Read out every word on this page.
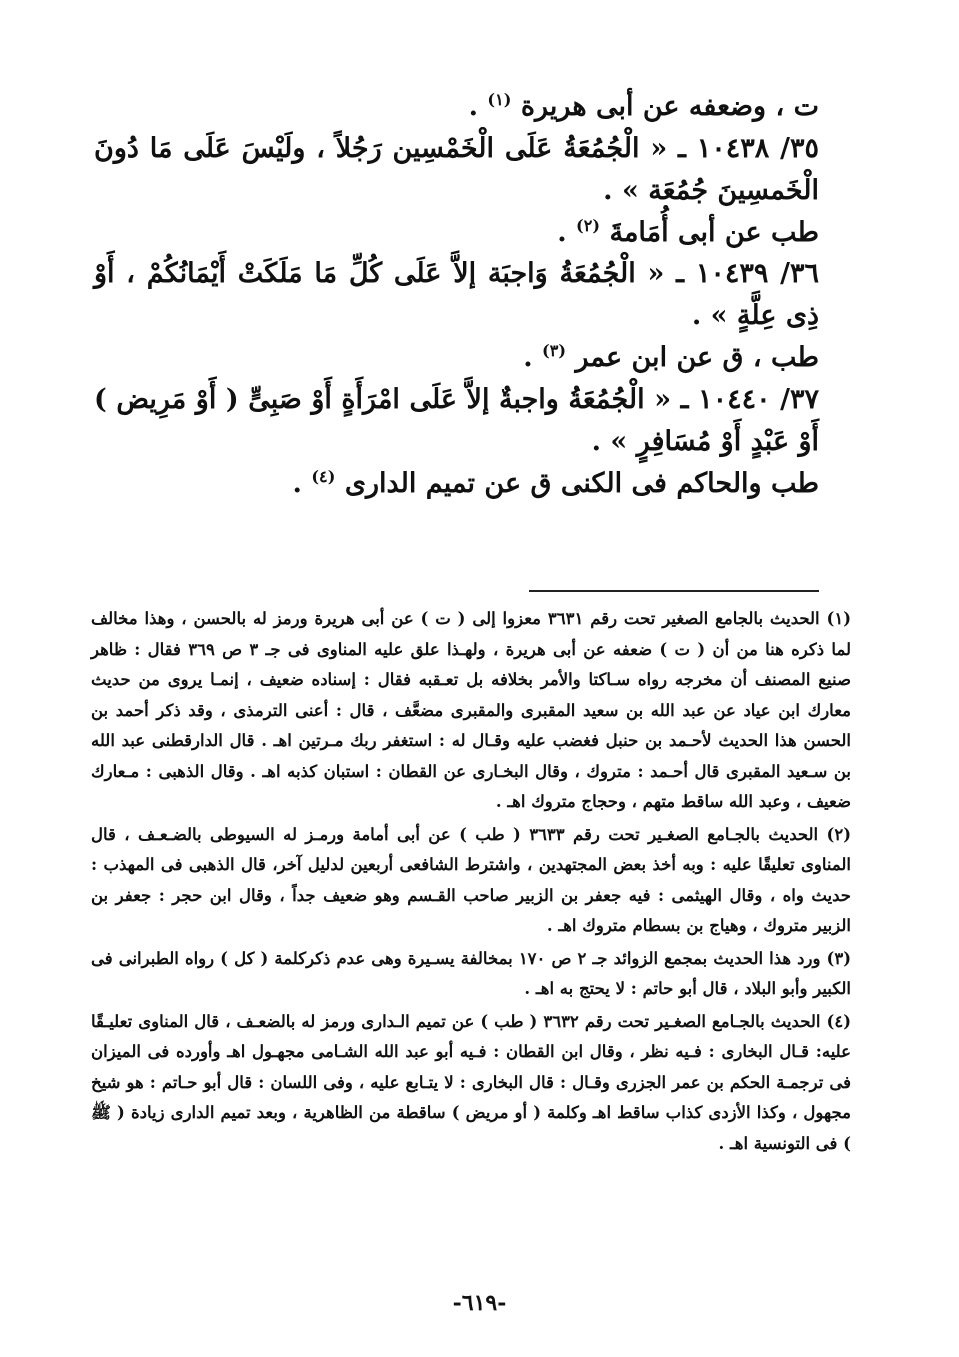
ت ، وضعفه عن أبى هريرة $^{(١)}$ .

٣٥/ ١٠٤٣٨ ـ « الْجُمُعَةُ عَلَى الْخَمْسِين رَجُلاً ، ولَيْسَ عَلَى مَا دُونَ الْخَمسِينَ جُمُعَة » .

طب عن أبى أُمَامةَ $^{(٢)}$ .

٣٦/ ١٠٤٣٩ ـ « الْجُمُعَةُ وَاجبَة إلاَّ عَلَى كُلِّ مَا مَلَكَتْ أَيْمَانُكُمْ ، أَوْ ذِى عِلَّةٍ » .

طب ، ق عن ابن عمر $^{(٣)}$ .

٣٧/ ١٠٤٤٠ ـ « الْجُمُعَةُ واجبةٌ إلاَّ عَلَى امْرَأَةٍ أَوْ صَبِىٍّ ( أَوْ مَرِيض ) أَوْ عَبْدٍ أَوْ مُسَافِرٍ » .

طب والحاكم فى الكنى ق عن تميم الدارى $^{(٤)}$ .

(١) الحديث بالجامع الصغير تحت رقم ٣٦٣١ معزوا إلى ( ت ) عن أبى هريرة ورمز له بالحسن ، وهذا مخالف لما ذكره هنا من أن ( ت ) ضعفه عن أبى هريرة ، ولهـذا علق عليه المناوى فى جـ ٣ ص ٣٦٩ فقال : ظاهر صنيع المصنف أن مخرجه رواه سـاكتا والأمر بخلافه بل تعـقبه فقال : إسناده ضعيف ، إنمـا يروى من حديث معارك ابن عياد عن عبد الله بن سعيد المقبرى والمقبرى مضعَّف ، قال : أعنى الترمذى ، وقد ذكر أحمد بن الحسن هذا الحديث لأحـمد بن حنبل فغضب عليه وقـال له : استغفر ربك مـرتين اهـ . قال الدارقطنى عبد الله بن سـعيد المقبرى قال أحـمد : متروك ، وقال البخـارى عن القطان : استبان كذبه اهـ . وقال الذهبى : مـعارك ضعيف ، وعبد الله ساقط متهم ، وحجاج متروك اهـ .

(٢) الحديث بالجـامع الصغـير تحت رقم ٣٦٣٣ ( طب ) عن أبى أمامة ورمـز له السيوطى بالضـعـف ، قال المناوى تعليقًا عليه : وبه أخذ بعض المجتهدين ، واشترط الشافعى أربعين لدليل آخر، قال الذهبى فى المهذب : حديث واه ، وقال الهيثمى : فيه جعفر بن الزبير صاحب القـسم وهو ضعيف جداً ، وقال ابن حجر : جعفر بن الزبير متروك ، وهياج بن بسطام متروك اهـ .

(٣) ورد هذا الحديث بمجمع الزوائد جـ ٢ ص ١٧٠ بمخالفة يسـيرة وهى عدم ذكركلمة ( كل ) رواه الطبرانى فى الكبير وأبو البلاد ، قال أبو حاتم : لا يحتج به اهـ .

(٤) الحديث بالجـامع الصغـير تحت رقم ٣٦٣٢ ( طب ) عن تميم الـدارى ورمز له بالضعـف ، قال المناوى تعليـقًا عليه: قـال البخارى : فـيه نظر ، وقال ابن القطان : فـيه أبو عبد الله الشـامى مجهـول اهـ وأورده فى الميزان فى ترجمـة الحكم بن عمر الجزرى وقـال : قال البخارى : لا يتـابع عليه ، وفى اللسان : قال أبو حـاتم : هو شيخ مجهول ، وكذا الأزدى كذاب ساقط اهـ وكلمة ( أو مريض ) ساقطة من الظاهرية ، وبعد تميم الدارى زيادة ( ﷺ ) فى التونسية اهـ .

-٦١٩-
